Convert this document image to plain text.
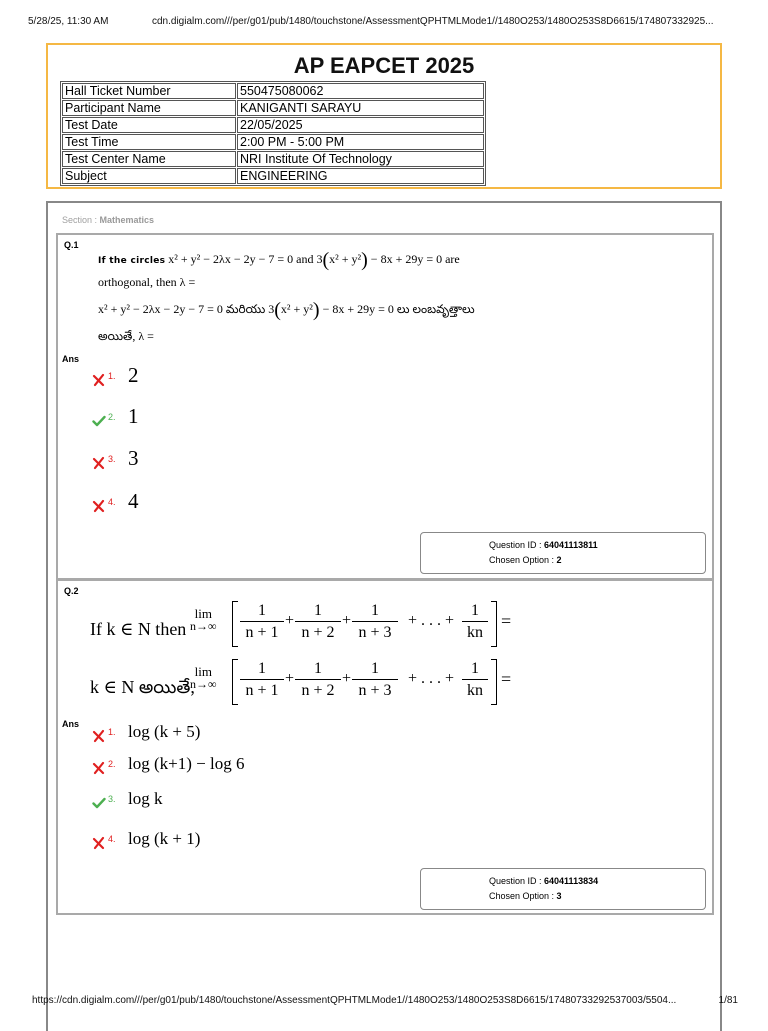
5/28/25, 11:30 AM	cdn.digialm.com///per/g01/pub/1480/touchstone/AssessmentQPHTMLMode1//1480O253/1480O253S8D6615/174807332925...
AP EAPCET 2025
Hall Ticket Number	550475080062
Participant Name	KANIGANTI SARAYU
Test Date	22/05/2025
Test Time	2:00 PM - 5:00 PM
Test Center Name	NRI Institute Of Technology
Subject	ENGINEERING
Section : Mathematics
Q.1
If the circles x² + y² − 2λx − 2y − 7 = 0 and 3(x² + y²) − 8x + 29y = 0 are
orthogonal, then λ =
x² + y² − 2λx − 2y − 7 = 0 మరియు 3(x² + y²) − 8x + 29y = 0 లు లంబవృత్తాలు
అయితే, λ =
Ans
1. 2
2. 1
3. 3
4. 4
Question ID : 64041113811
Chosen Option : 2
Q.2
If k ∈ N then
lim
n→∞
1
n + 1
+
1
n + 2
+
1
n + 3
+ . . . +
1
kn
=
k ∈ N అయితే,
lim
n→∞
1
n + 1
+
1
n + 2
+
1
n + 3
+ . . . +
1
kn
=
Ans
1. log (k + 5)
2. log (k+1) − log 6
3. log k
4. log (k + 1)
Question ID : 64041113834
Chosen Option : 3
https://cdn.digialm.com///per/g01/pub/1480/touchstone/AssessmentQPHTMLMode1//1480O253/1480O253S8D6615/17480733292537003/5504...	1/81
